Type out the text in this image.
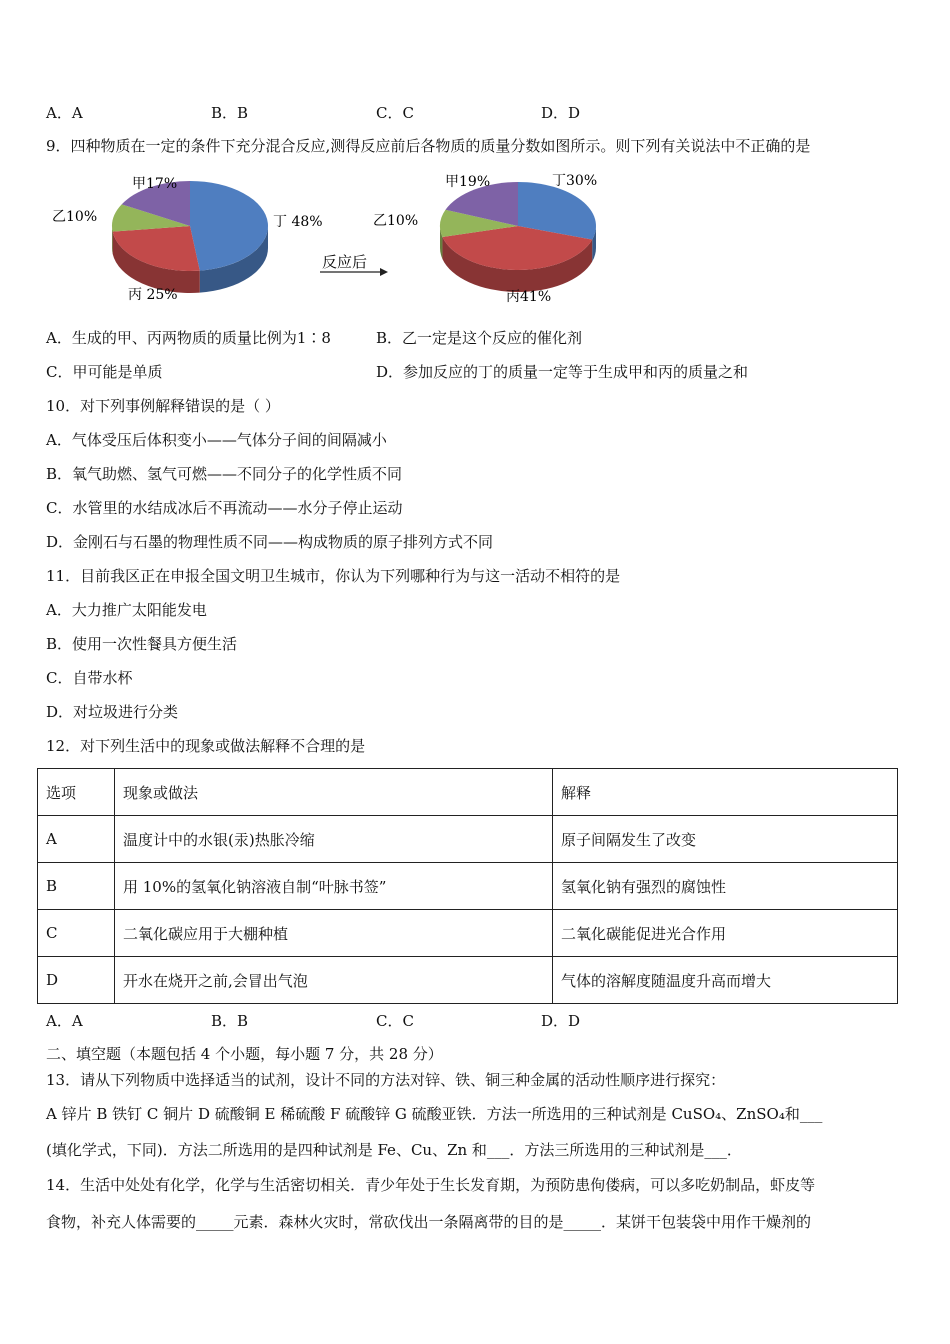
A．A	B．B	C．C	D．D
9．四种物质在一定的条件下充分混合反应,测得反应前后各物质的质量分数如图所示。则下列有关说法中不正确的是
甲17%
乙10%	丁 48%
丙 25%
反应后
甲19%	丁30%
乙10%
丙41%
A．生成的甲、丙两物质的质量比例为1∶8	B．乙一定是这个反应的催化剂
C．甲可能是单质	D．参加反应的丁的质量一定等于生成甲和丙的质量之和
10．对下列事例解释错误的是（ ）
A．气体受压后体积变小——气体分子间的间隔减小
B．氧气助燃、氢气可燃——不同分子的化学性质不同
C．水管里的水结成冰后不再流动——水分子停止运动
D．金刚石与石墨的物理性质不同——构成物质的原子排列方式不同
11．目前我区正在申报全国文明卫生城市，你认为下列哪种行为与这一活动不相符的是
A．大力推广太阳能发电
B．使用一次性餐具方便生活
C．自带水杯
D．对垃圾进行分类
12．对下列生活中的现象或做法解释不合理的是
选项	现象或做法	解释
A	温度计中的水银(汞)热胀冷缩	原子间隔发生了改变
B	用 10%的氢氧化钠溶液自制“叶脉书签”	氢氧化钠有强烈的腐蚀性
C	二氧化碳应用于大棚种植	二氧化碳能促进光合作用
D	开水在烧开之前,会冒出气泡	气体的溶解度随温度升高而增大
A．A	B．B	C．C	D．D
二、填空题（本题包括 4 个小题，每小题 7 分，共 28 分）
13．请从下列物质中选择适当的试剂，设计不同的方法对锌、铁、铜三种金属的活动性顺序进行探究：
A 锌片 B 铁钉 C 铜片 D 硫酸铜 E 稀硫酸 F 硫酸锌 G 硫酸亚铁．方法一所选用的三种试剂是 CuSO₄、ZnSO₄和___
(填化学式，下同)．方法二所选用的是四种试剂是 Fe、Cu、Zn 和___．方法三所选用的三种试剂是___．
14．生活中处处有化学，化学与生活密切相关．青少年处于生长发育期，为预防患佝偻病，可以多吃奶制品，虾皮等
食物，补充人体需要的_____元素．森林火灾时，常砍伐出一条隔离带的目的是_____．某饼干包装袋中用作干燥剂的
